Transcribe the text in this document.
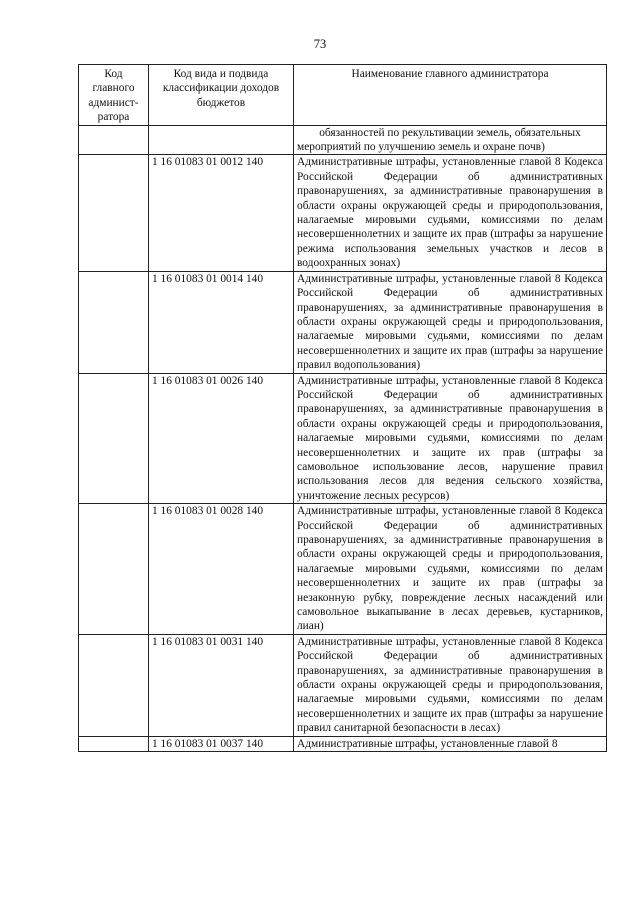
73
Код главного админист-ратора	Код вида и подвида классификации доходов бюджетов	Наименование главного администратора
		обязанностей по рекультивации земель, обязательных мероприятий по улучшению земель и охране почв)
	1 16 01083 01 0012 140	Административные штрафы, установленные главой 8 Кодекса Российской Федерации об административных правонарушениях, за административные правонарушения в области охраны окружающей среды и природопользования, налагаемые мировыми судьями, комиссиями по делам несовершеннолетних и защите их прав (штрафы за нарушение режима использования земельных участков и лесов в водоохранных зонах)
	1 16 01083 01 0014 140	Административные штрафы, установленные главой 8 Кодекса Российской Федерации об административных правонарушениях, за административные правонарушения в области охраны окружающей среды и природопользования, налагаемые мировыми судьями, комиссиями по делам несовершеннолетних и защите их прав (штрафы за нарушение правил водопользования)
	1 16 01083 01 0026 140	Административные штрафы, установленные главой 8 Кодекса Российской Федерации об административных правонарушениях, за административные правонарушения в области охраны окружающей среды и природопользования, налагаемые мировыми судьями, комиссиями по делам несовершеннолетних и защите их прав (штрафы за самовольное использование лесов, нарушение правил использования лесов для ведения сельского хозяйства, уничтожение лесных ресурсов)
	1 16 01083 01 0028 140	Административные штрафы, установленные главой 8 Кодекса Российской Федерации об административных правонарушениях, за административные правонарушения в области охраны окружающей среды и природопользования, налагаемые мировыми судьями, комиссиями по делам несовершеннолетних и защите их прав (штрафы за незаконную рубку, повреждение лесных насаждений или самовольное выкапывание в лесах деревьев, кустарников, лиан)
	1 16 01083 01 0031 140	Административные штрафы, установленные главой 8 Кодекса Российской Федерации об административных правонарушениях, за административные правонарушения в области охраны окружающей среды и природопользования, налагаемые мировыми судьями, комиссиями по делам несовершеннолетних и защите их прав (штрафы за нарушение правил санитарной безопасности в лесах)
	1 16 01083 01 0037 140	Административные штрафы, установленные главой 8
